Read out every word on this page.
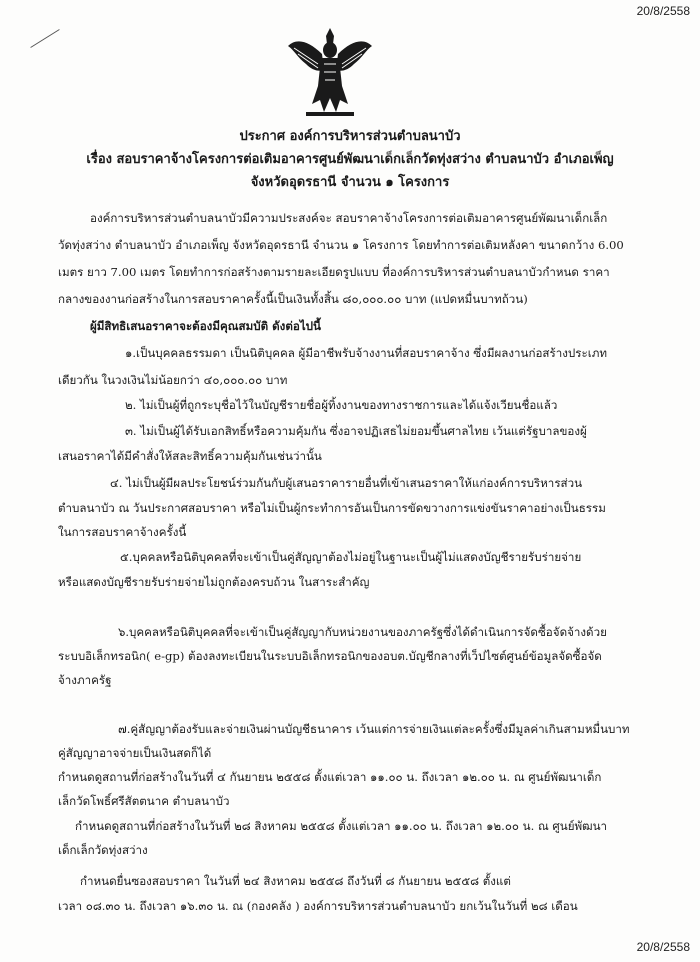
20/8/2558

ประกาศ องค์การบริหารส่วนตำบลนาบัว

เรื่อง สอบราคาจ้างโครงการต่อเติมอาคารศูนย์พัฒนาเด็กเล็กวัดทุ่งสว่าง ตำบลนาบัว อำเภอเพ็ญ

จังหวัดอุดรธานี จำนวน ๑ โครงการ

องค์การบริหารส่วนตำบลนาบัวมีความประสงค์จะ สอบราคาจ้างโครงการต่อเติมอาคารศูนย์พัฒนาเด็กเล็ก

วัดทุ่งสว่าง ตำบลนาบัว อำเภอเพ็ญ จังหวัดอุดรธานี จำนวน ๑ โครงการ โดยทำการต่อเติมหลังคา ขนาดกว้าง 6.00

เมตร ยาว 7.00 เมตร โดยทำการก่อสร้างตามรายละเอียดรูปแบบ ที่องค์การบริหารส่วนตำบลนาบัวกำหนด ราคา

กลางของงานก่อสร้างในการสอบราคาครั้งนี้เป็นเงินทั้งสิ้น ๘๐,๐๐๐.๐๐ บาท (แปดหมื่นบาทถ้วน)

ผู้มีสิทธิเสนอราคาจะต้องมีคุณสมบัติ ดังต่อไปนี้

๑.เป็นบุคคลธรรมดา เป็นนิติบุคคล ผู้มีอาชีพรับจ้างงานที่สอบราคาจ้าง ซึ่งมีผลงานก่อสร้างประเภท

เดียวกัน ในวงเงินไม่น้อยกว่า ๔๐,๐๐๐.๐๐ บาท

๒. ไม่เป็นผู้ที่ถูกระบุชื่อไว้ในบัญชีรายชื่อผู้ทิ้งงานของทางราชการและได้แจ้งเวียนชื่อแล้ว

๓. ไม่เป็นผู้ได้รับเอกสิทธิ์หรือความคุ้มกัน ซึ่งอาจปฏิเสธไม่ยอมขึ้นศาลไทย เว้นแต่รัฐบาลของผู้

เสนอราคาได้มีคำสั่งให้สละสิทธิ์ความคุ้มกันเช่นว่านั้น

๔. ไม่เป็นผู้มีผลประโยชน์ร่วมกันกับผู้เสนอราคารายอื่นที่เข้าเสนอราคาให้แก่องค์การบริหารส่วน

ตำบลนาบัว ณ วันประกาศสอบราคา หรือไม่เป็นผู้กระทำการอันเป็นการขัดขวางการแข่งขันราคาอย่างเป็นธรรม

ในการสอบราคาจ้างครั้งนี้

๕.บุคคลหรือนิติบุคคลที่จะเข้าเป็นคู่สัญญาต้องไม่อยู่ในฐานะเป็นผู้ไม่แสดงบัญชีรายรับร่ายจ่าย

หรือแสดงบัญชีรายรับร่ายจ่ายไม่ถูกต้องครบถ้วน ในสาระสำคัญ

๖.บุคคลหรือนิติบุคคลที่จะเข้าเป็นคู่สัญญากับหน่วยงานของภาครัฐซึ่งได้ดำเนินการจัดซื้อจัดจ้างด้วย

ระบบอิเล็กทรอนิก( e-gp) ต้องลงทะเบียนในระบบอิเล็กทรอนิกของอบต.บัญชีกลางที่เว็ปไซต์ศูนย์ข้อมูลจัดซื้อจัด

จ้างภาครัฐ

๗.คู่สัญญาต้องรับและจ่ายเงินผ่านบัญชีธนาคาร เว้นแต่การจ่ายเงินแต่ละครั้งซึ่งมีมูลค่าเกินสามหมื่นบาท

คู่สัญญาอาจจ่ายเป็นเงินสดก็ได้

กำหนดดูสถานที่ก่อสร้างในวันที่ ๔ กันยายน ๒๕๕๘ ตั้งแต่เวลา ๑๑.๐๐ น. ถึงเวลา ๑๒.๐๐ น. ณ ศูนย์พัฒนาเด็ก

เล็กวัดโพธิ์ศรีสัตตนาค ตำบลนาบัว

กำหนดดูสถานที่ก่อสร้างในวันที่ ๒๘ สิงหาคม ๒๕๕๘ ตั้งแต่เวลา ๑๑.๐๐ น. ถึงเวลา ๑๒.๐๐ น. ณ ศูนย์พัฒนา

เด็กเล็กวัดทุ่งสว่าง

กำหนดยื่นซองสอบราคา ในวันที่ ๒๔ สิงหาคม ๒๕๕๘ ถึงวันที่ ๘ กันยายน ๒๕๕๘ ตั้งแต่

เวลา ๐๘.๓๐ น. ถึงเวลา ๑๖.๓๐ น. ณ (กองคลัง ) องค์การบริหารส่วนตำบลนาบัว ยกเว้นในวันที่ ๒๘ เดือน

20/8/2558
